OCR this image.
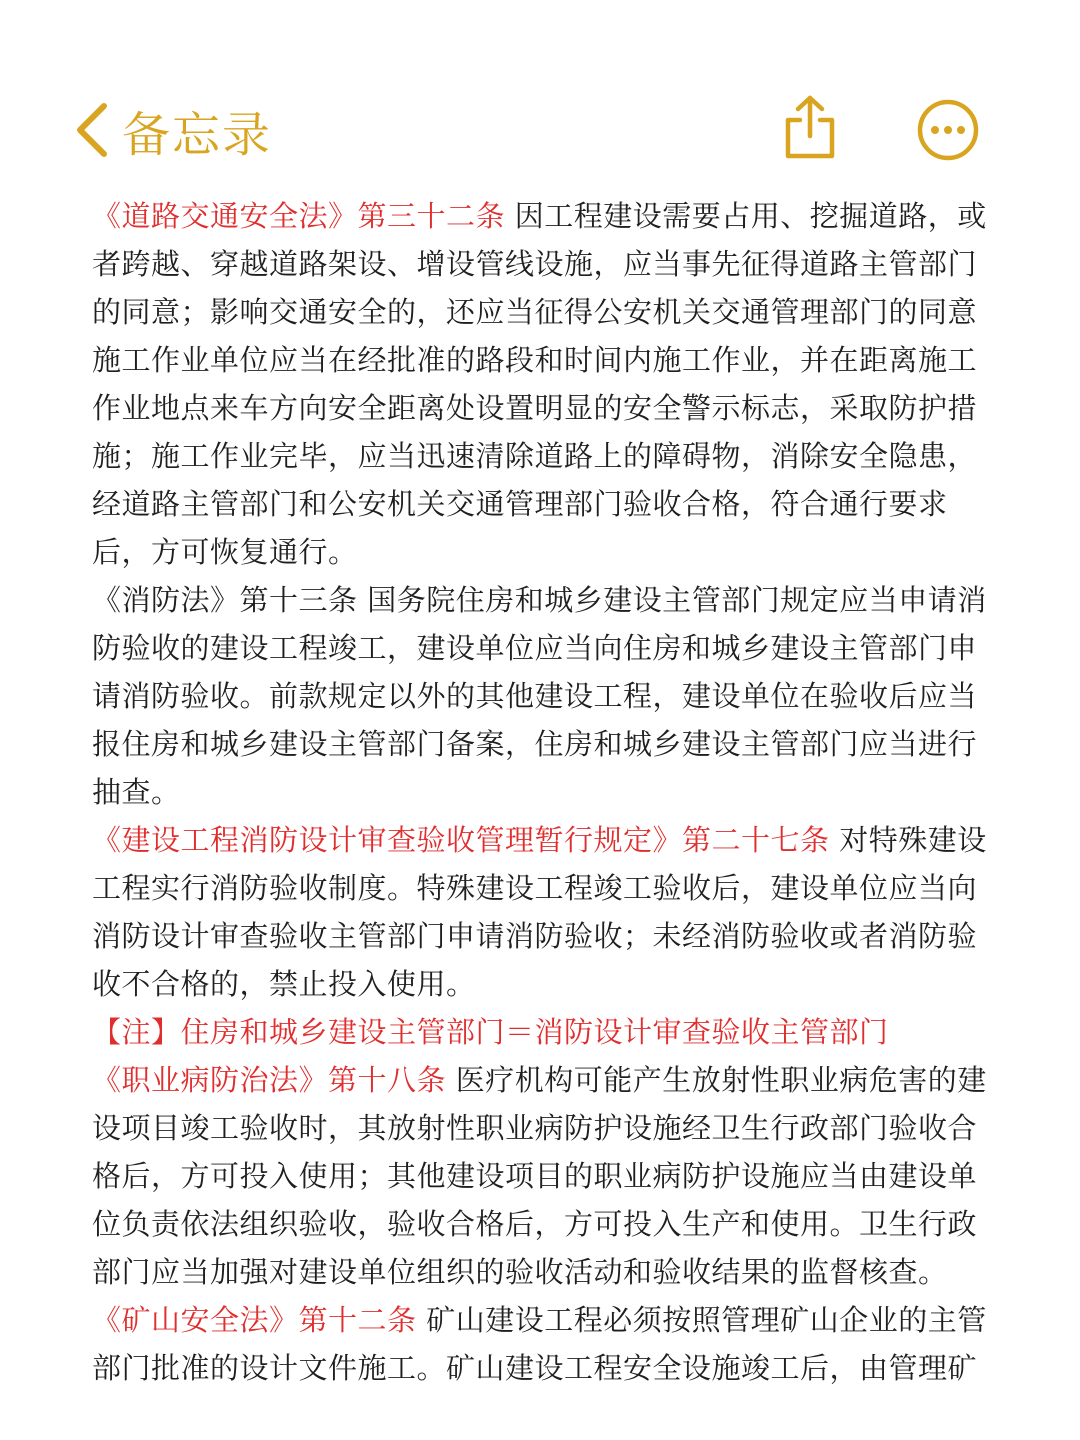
备忘录

《道路交通安全法》第三十二条 因工程建设需要占用、挖掘道路，或者跨越、穿越道路架设、增设管线设施，应当事先征得道路主管部门的同意；影响交通安全的，还应当征得公安机关交通管理部门的同意施工作业单位应当在经批准的路段和时间内施工作业，并在距离施工作业地点来车方向安全距离处设置明显的安全警示标志，采取防护措施；施工作业完毕，应当迅速清除道路上的障碍物，消除安全隐患，经道路主管部门和公安机关交通管理部门验收合格，符合通行要求后，方可恢复通行。

《消防法》第十三条 国务院住房和城乡建设主管部门规定应当申请消防验收的建设工程竣工，建设单位应当向住房和城乡建设主管部门申请消防验收。前款规定以外的其他建设工程，建设单位在验收后应当报住房和城乡建设主管部门备案，住房和城乡建设主管部门应当进行抽查。

《建设工程消防设计审查验收管理暂行规定》第二十七条 对特殊建设工程实行消防验收制度。特殊建设工程竣工验收后，建设单位应当向消防设计审查验收主管部门申请消防验收；未经消防验收或者消防验收不合格的，禁止投入使用。

【注】住房和城乡建设主管部门＝消防设计审查验收主管部门

《职业病防治法》第十八条 医疗机构可能产生放射性职业病危害的建设项目竣工验收时，其放射性职业病防护设施经卫生行政部门验收合格后，方可投入使用；其他建设项目的职业病防护设施应当由建设单位负责依法组织验收，验收合格后，方可投入生产和使用。卫生行政部门应当加强对建设单位组织的验收活动和验收结果的监督核查。

《矿山安全法》第十二条 矿山建设工程必须按照管理矿山企业的主管部门批准的设计文件施工。矿山建设工程安全设施竣工后，由管理矿
